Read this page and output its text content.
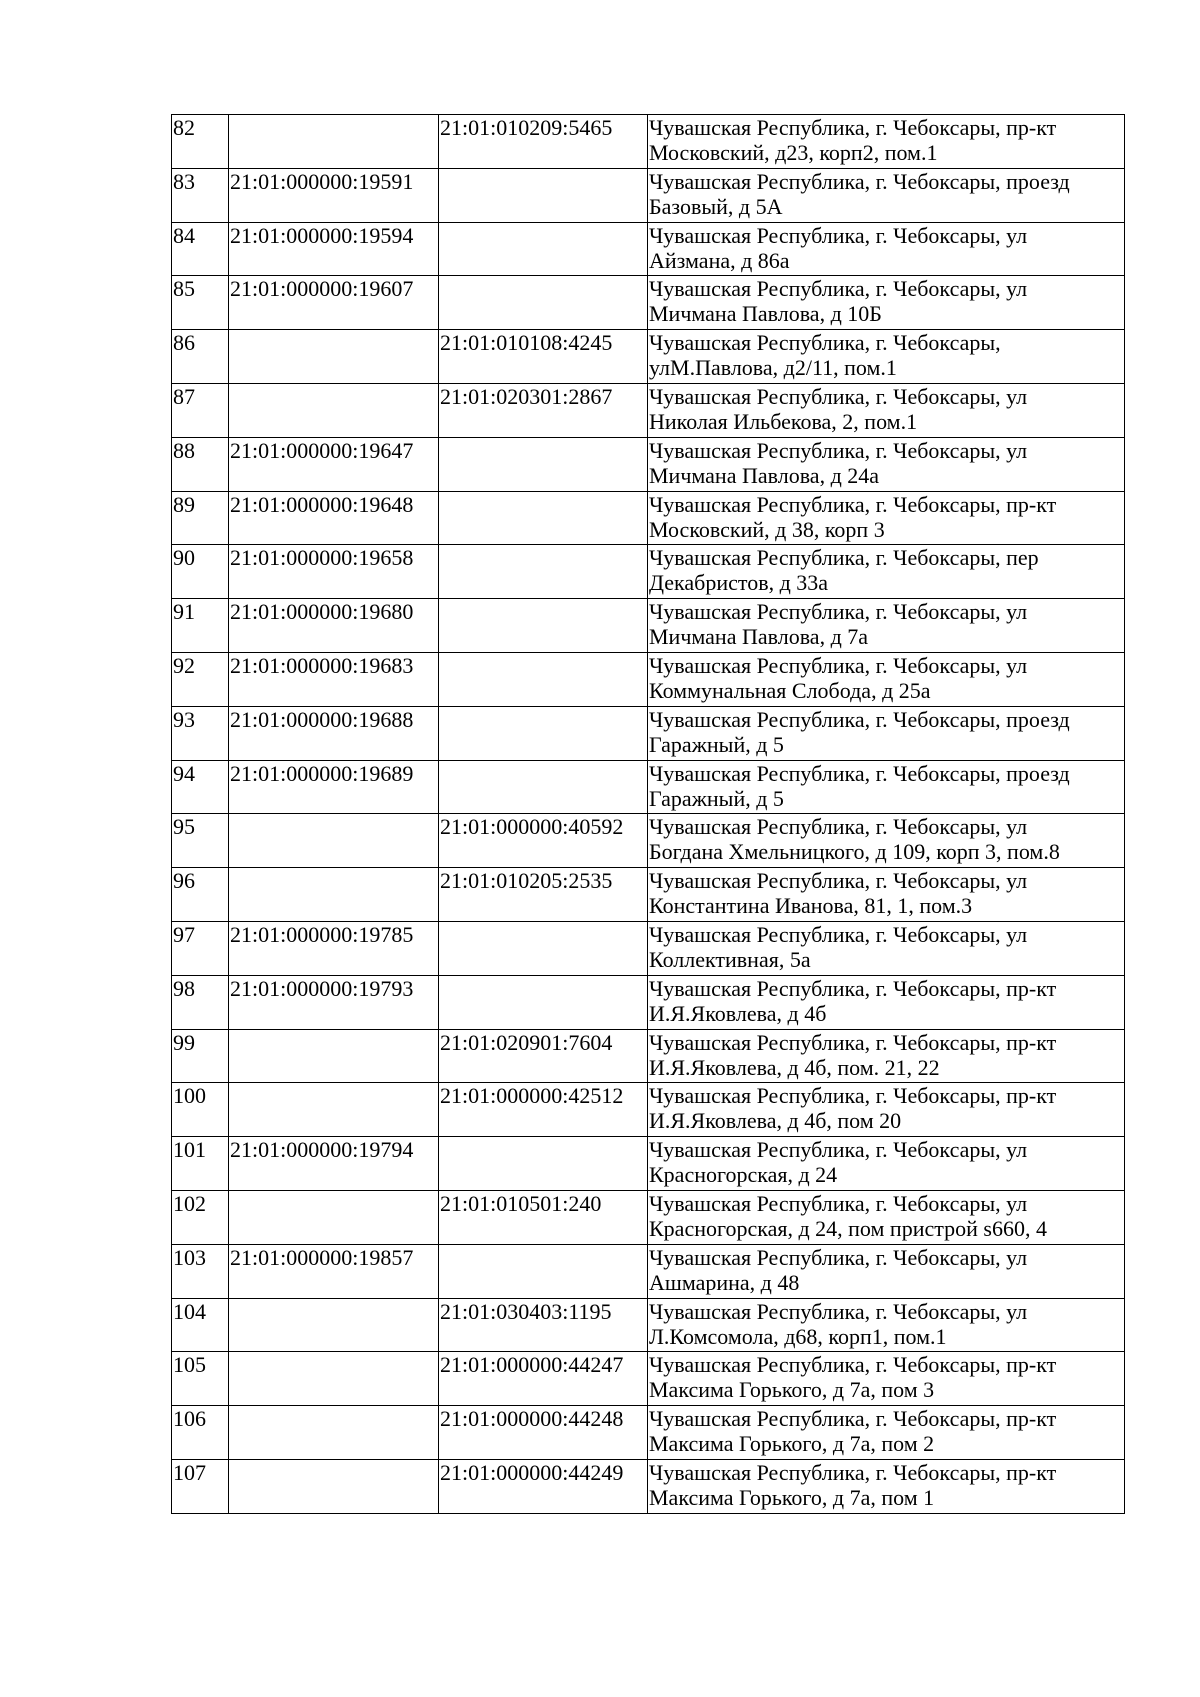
82		21:01:010209:5465	Чувашская Республика, г. Чебоксары, пр-кт
Московский, д23, корп2, пом.1

83	21:01:000000:19591		Чувашская Республика, г. Чебоксары, проезд
Базовый, д 5А

84	21:01:000000:19594		Чувашская Республика, г. Чебоксары, ул
Айзмана, д 86а

85	21:01:000000:19607		Чувашская Республика, г. Чебоксары, ул
Мичмана Павлова, д 10Б

86		21:01:010108:4245	Чувашская Республика, г. Чебоксары,
улМ.Павлова, д2/11, пом.1

87		21:01:020301:2867	Чувашская Республика, г. Чебоксары, ул
Николая Ильбекова, 2, пом.1

88	21:01:000000:19647		Чувашская Республика, г. Чебоксары, ул
Мичмана Павлова, д 24а

89	21:01:000000:19648		Чувашская Республика, г. Чебоксары, пр-кт
Московский, д 38, корп 3

90	21:01:000000:19658		Чувашская Республика, г. Чебоксары, пер
Декабристов, д 33а

91	21:01:000000:19680		Чувашская Республика, г. Чебоксары, ул
Мичмана Павлова, д 7а

92	21:01:000000:19683		Чувашская Республика, г. Чебоксары, ул
Коммунальная Слобода, д 25а

93	21:01:000000:19688		Чувашская Республика, г. Чебоксары, проезд
Гаражный, д 5

94	21:01:000000:19689		Чувашская Республика, г. Чебоксары, проезд
Гаражный, д 5

95		21:01:000000:40592	Чувашская Республика, г. Чебоксары, ул
Богдана Хмельницкого, д 109, корп 3, пом.8

96		21:01:010205:2535	Чувашская Республика, г. Чебоксары, ул
Константина Иванова, 81, 1, пом.3

97	21:01:000000:19785		Чувашская Республика, г. Чебоксары, ул
Коллективная, 5а

98	21:01:000000:19793		Чувашская Республика, г. Чебоксары, пр-кт
И.Я.Яковлева, д 4б

99		21:01:020901:7604	Чувашская Республика, г. Чебоксары, пр-кт
И.Я.Яковлева, д 4б, пом. 21, 22

100		21:01:000000:42512	Чувашская Республика, г. Чебоксары, пр-кт
И.Я.Яковлева, д 4б, пом 20

101	21:01:000000:19794		Чувашская Республика, г. Чебоксары, ул
Красногорская, д 24

102		21:01:010501:240	Чувашская Республика, г. Чебоксары, ул
Красногорская, д 24, пом пристрой s660, 4

103	21:01:000000:19857		Чувашская Республика, г. Чебоксары, ул
Ашмарина, д 48

104		21:01:030403:1195	Чувашская Республика, г. Чебоксары, ул
Л.Комсомола, д68, корп1, пом.1

105		21:01:000000:44247	Чувашская Республика, г. Чебоксары, пр-кт
Максима Горького, д 7а, пом 3

106		21:01:000000:44248	Чувашская Республика, г. Чебоксары, пр-кт
Максима Горького, д 7а, пом 2

107		21:01:000000:44249	Чувашская Республика, г. Чебоксары, пр-кт
Максима Горького, д 7а, пом 1
